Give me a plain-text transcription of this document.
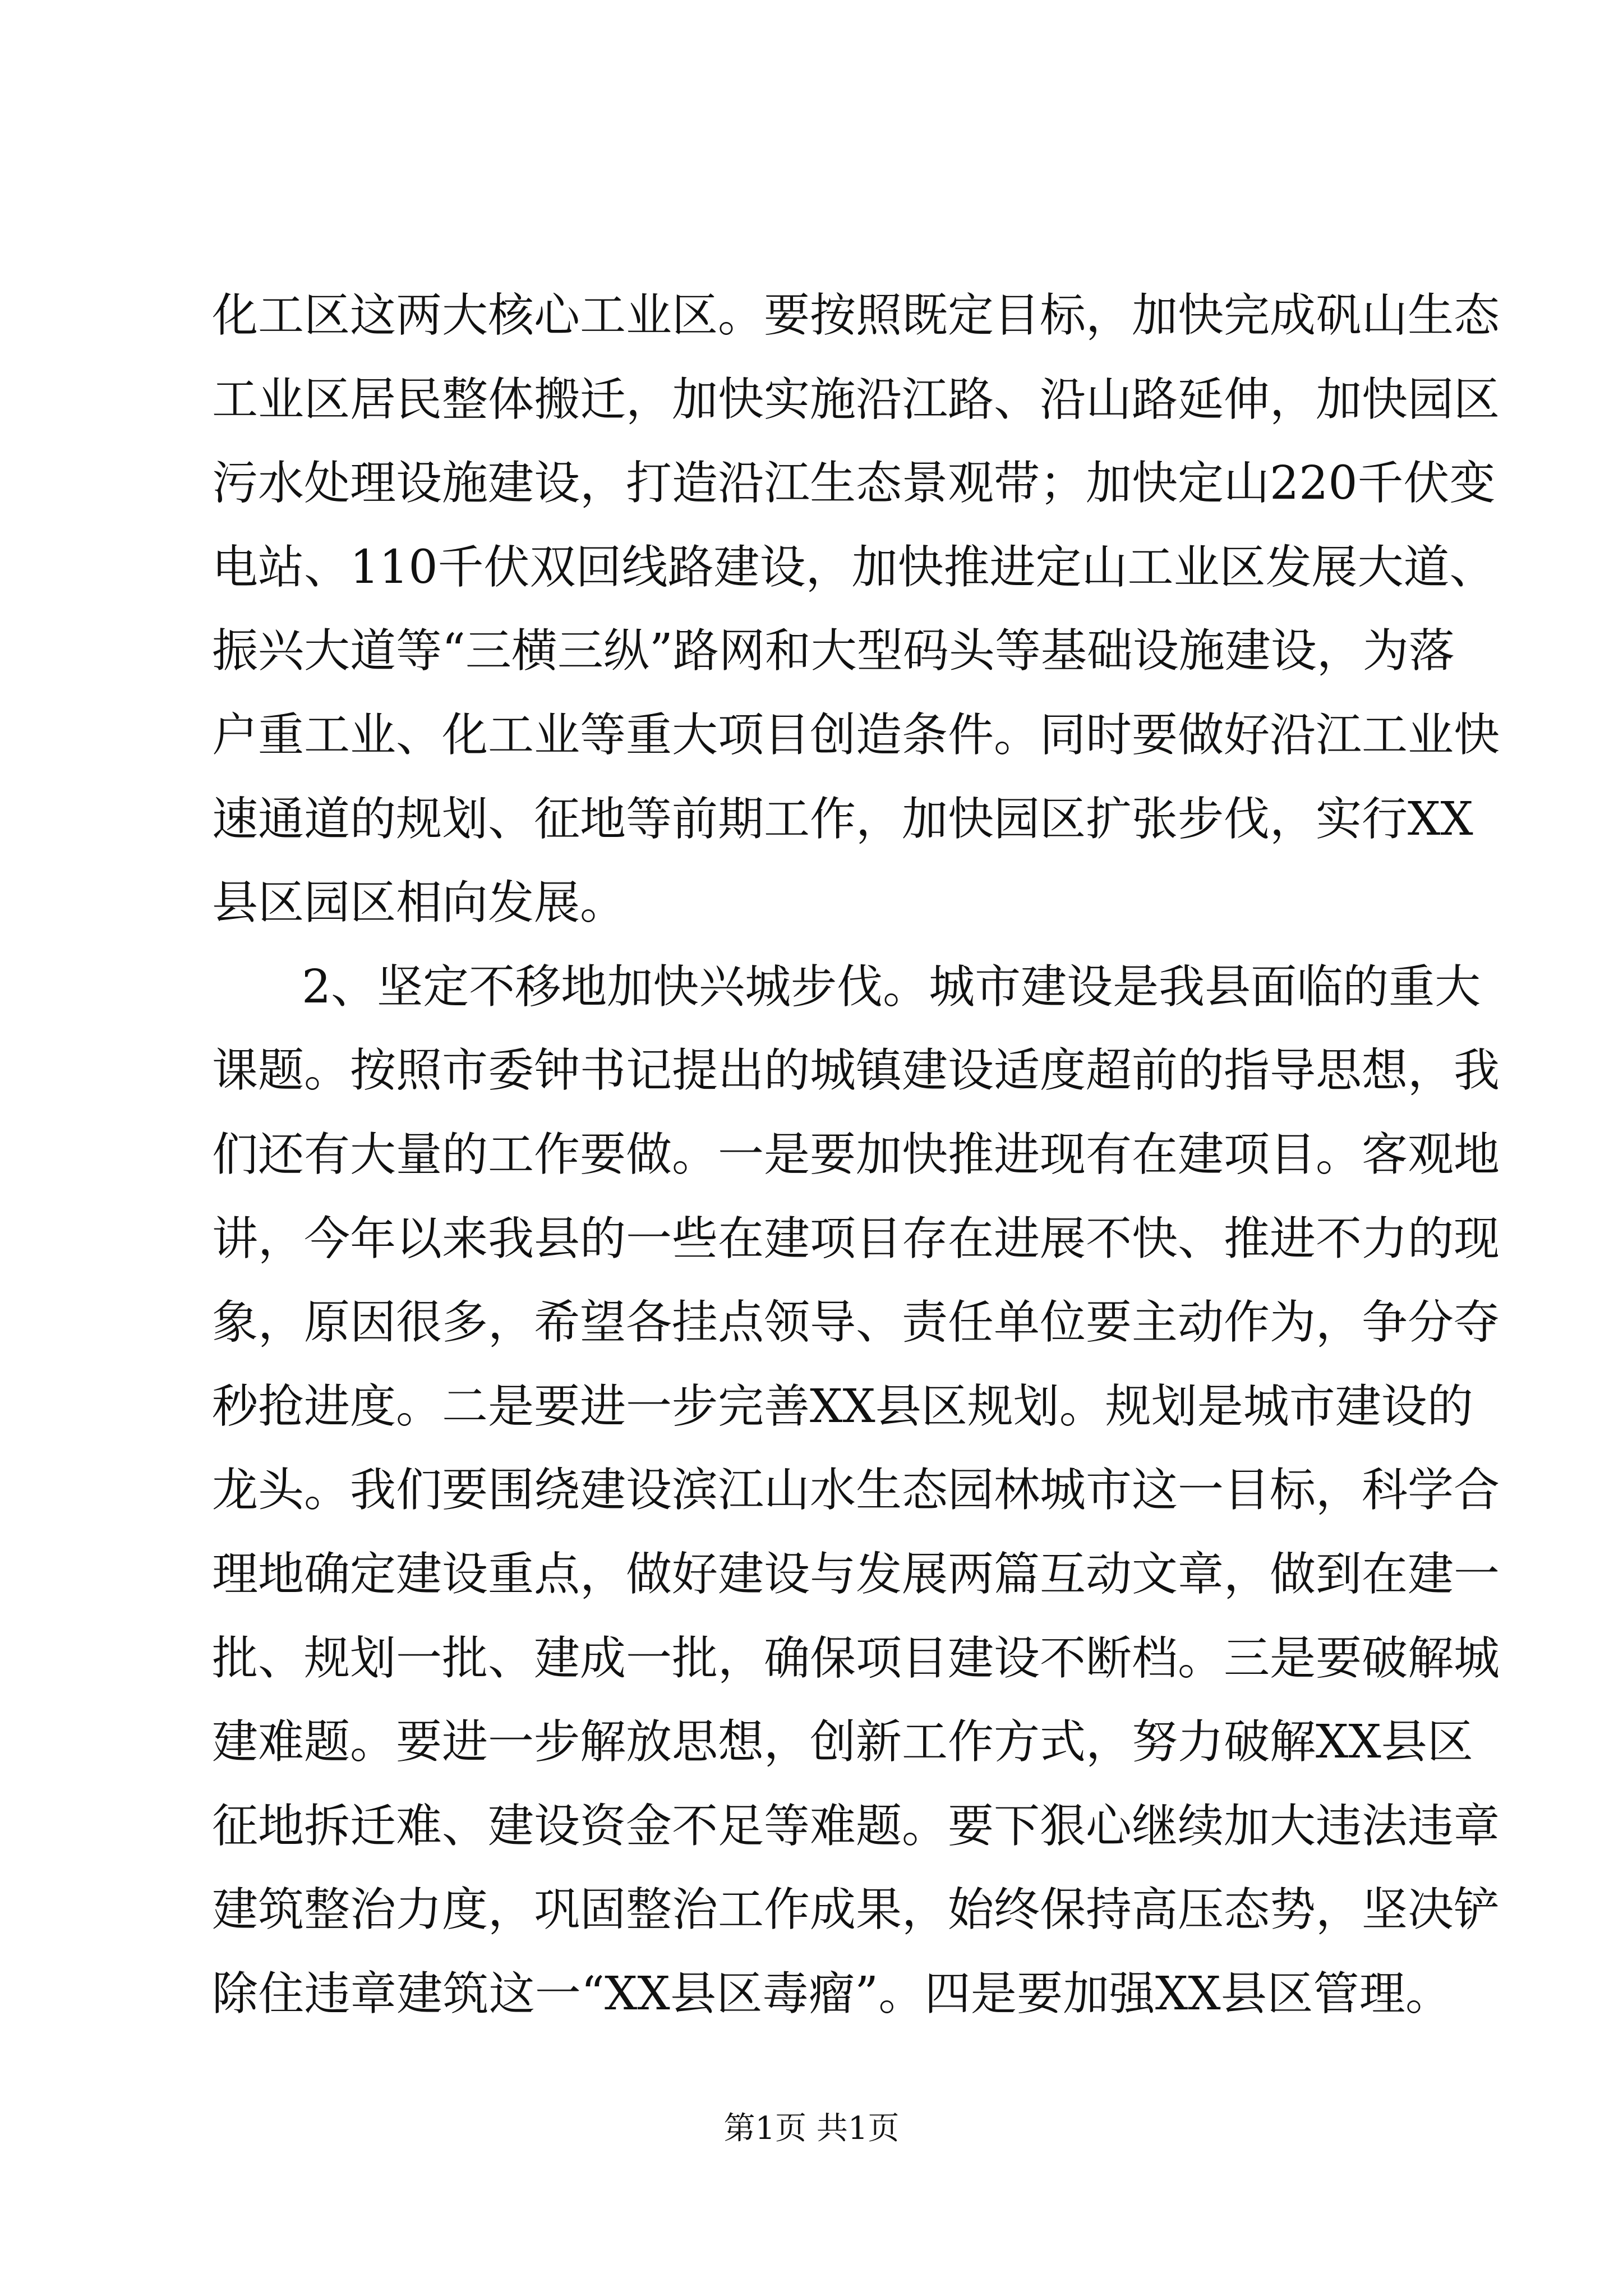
化工区这两大核心工业区。要按照既定目标，加快完成矾山生态
工业区居民整体搬迁，加快实施沿江路、沿山路延伸，加快园区
污水处理设施建设，打造沿江生态景观带；加快定山220千伏变
电站、110千伏双回线路建设，加快推进定山工业区发展大道、
振兴大道等“三横三纵”路网和大型码头等基础设施建设，为落
户重工业、化工业等重大项目创造条件。同时要做好沿江工业快
速通道的规划、征地等前期工作，加快园区扩张步伐，实行XX
县区园区相向发展。
2、坚定不移地加快兴城步伐。城市建设是我县面临的重大
课题。按照市委钟书记提出的城镇建设适度超前的指导思想，我
们还有大量的工作要做。一是要加快推进现有在建项目。客观地
讲，今年以来我县的一些在建项目存在进展不快、推进不力的现
象，原因很多，希望各挂点领导、责任单位要主动作为，争分夺
秒抢进度。二是要进一步完善XX县区规划。规划是城市建设的
龙头。我们要围绕建设滨江山水生态园林城市这一目标，科学合
理地确定建设重点，做好建设与发展两篇互动文章，做到在建一
批、规划一批、建成一批，确保项目建设不断档。三是要破解城
建难题。要进一步解放思想，创新工作方式，努力破解XX县区
征地拆迁难、建设资金不足等难题。要下狠心继续加大违法违章
建筑整治力度，巩固整治工作成果，始终保持高压态势，坚决铲
除住违章建筑这一“XX县区毒瘤”。四是要加强XX县区管理。
第1页 共1页
